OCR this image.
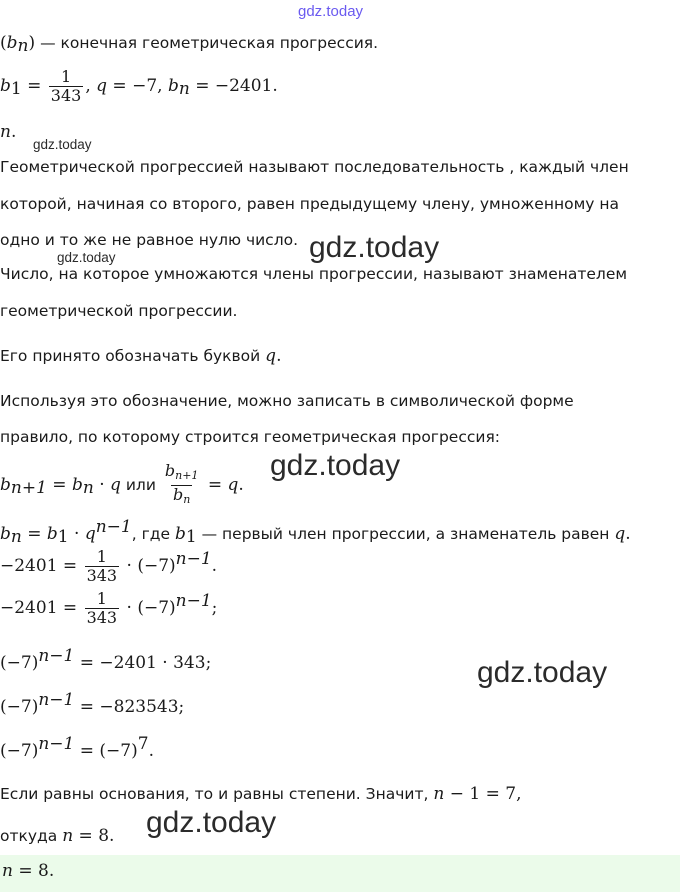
gdz.today
gdz.today
gdz.today	gdz.today
gdz.today
gdz.today
gdz.today
$(b_n)$ — конечная геометрическая прогрессия.
$b_1 = \frac{1}{343}$ , q = −7, $b_n = -2401$.
n.
Геометрической прогрессией называют последовательность , каждый член
которой, начиная со второго, равен предыдущему члену, умноженному на
одно и то же не равное нулю число.
Число, на которое умножаются члены прогрессии, называют знаменателем
геометрической прогрессии.
Его принято обозначать буквой q.
Используя это обозначение, можно записать в символической форме
правило, по которому строится геометрическая прогрессия:
$b_{n+1} = b_n \cdot q$ или $\frac{b_{n+1}}{b_n} = q$.
$b_n = b_1 \cdot q^{n-1}$, где $b_1$ — первый член прогрессии, а знаменатель равен q.
$-2401 = \frac{1}{343} \cdot (-7)^{n-1}$.
$-2401 = \frac{1}{343} \cdot (-7)^{n-1}$;
$(-7)^{n-1} = -2401 \cdot 343$;
$(-7)^{n-1} = -823543$;
$(-7)^{n-1} = (-7)^7$.
Если равны основания, то и равны степени. Значит, n − 1 = 7,
откуда n = 8.
n = 8.
